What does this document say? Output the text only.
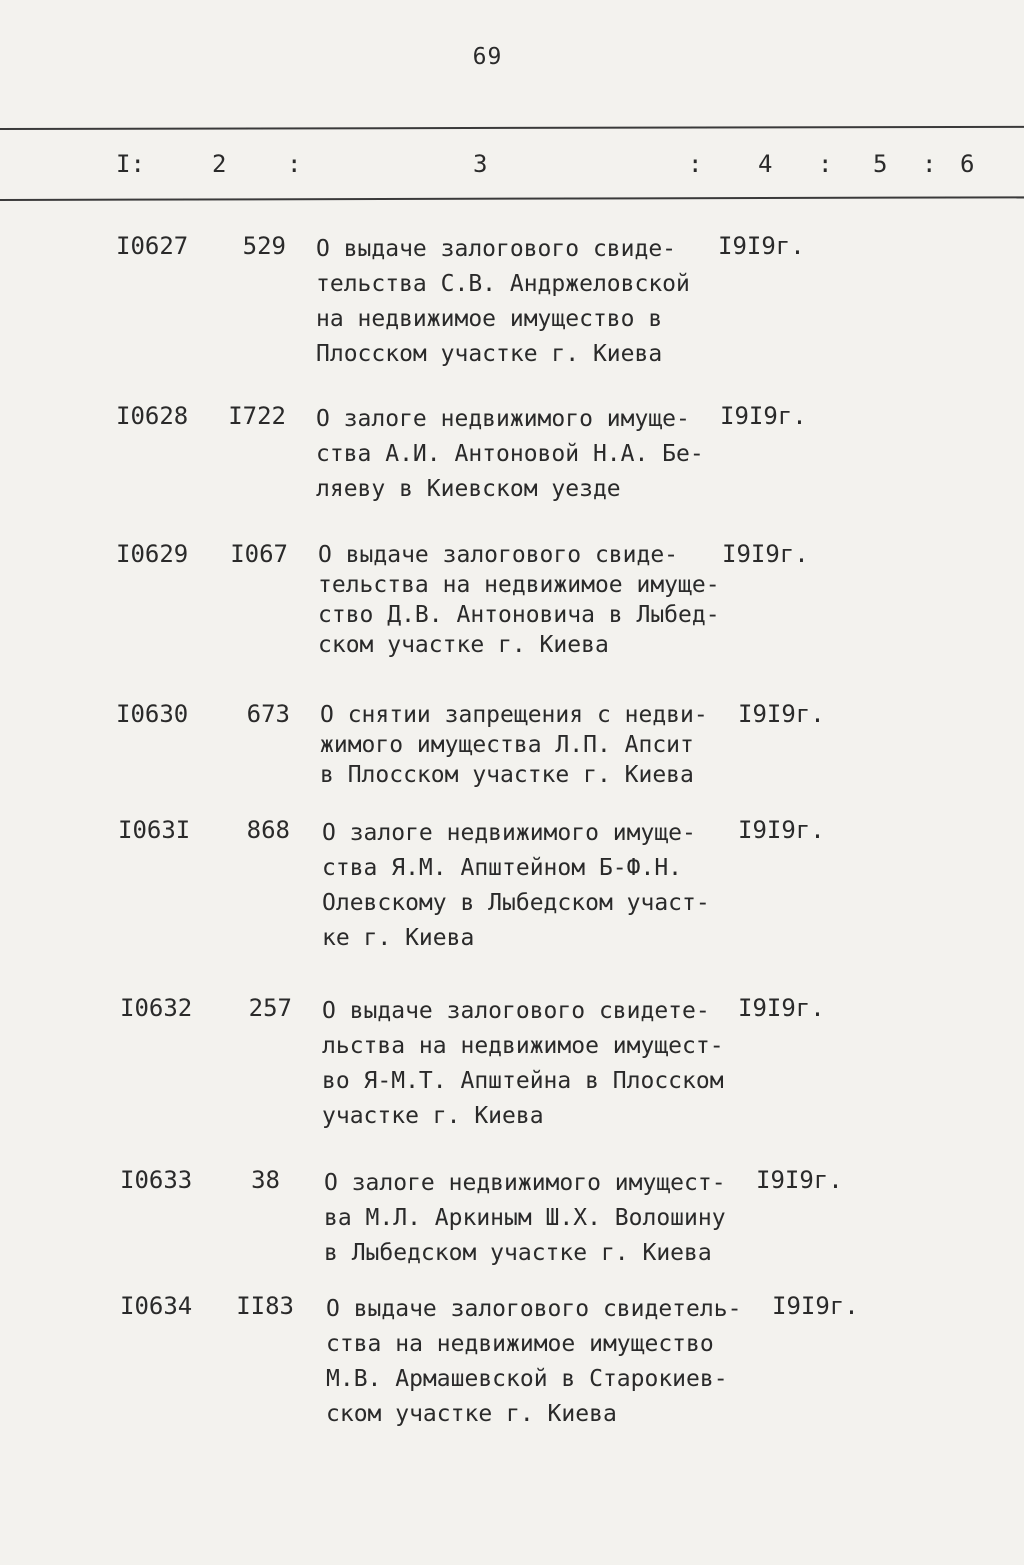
69
I:	2	:	3	: 4 : 5 : 6
I0627	529 О выдаче залогового свиде-
тельства С.В. Андржеловской
на недвижимое имущество в
Плосском участке г. Киева
I9I9г.
I0628	I722 О залоге недвижимого имуще-
ства А.И. Антоновой Н.А. Бе-
ляеву в Киевском уезде
I9I9г.
I0629	I067 О выдаче залогового свиде-
тельства на недвижимое имуще-
ство Д.В. Антоновича в Лыбед-
ском участке г. Киева
I9I9г.
I0630	673 О снятии запрещения с недви-
жимого имущества Л.П. Апсит
в Плосском участке г. Киева
I9I9г.
I063I	868 О залоге недвижимого имуще-
ства Я.М. Апштейном Б-Ф.Н.
Олевскому в Лыбедском участ-
ке г. Киева
I9I9г.
I0632	257 О выдаче залогового свидете-
льства на недвижимое имущест-
во Я-М.Т. Апштейна в Плосском
участке г. Киева
I9I9г.
I0633	38 О залоге недвижимого имущест-
ва М.Л. Аркиным Ш.Х. Волошину
в Лыбедском участке г. Киева
I9I9г.
I0634	II83 О выдаче залогового свидетель-
ства на недвижимое имущество
М.В. Армашевской в Старокиев-
ском участке г. Киева
I9I9г.
